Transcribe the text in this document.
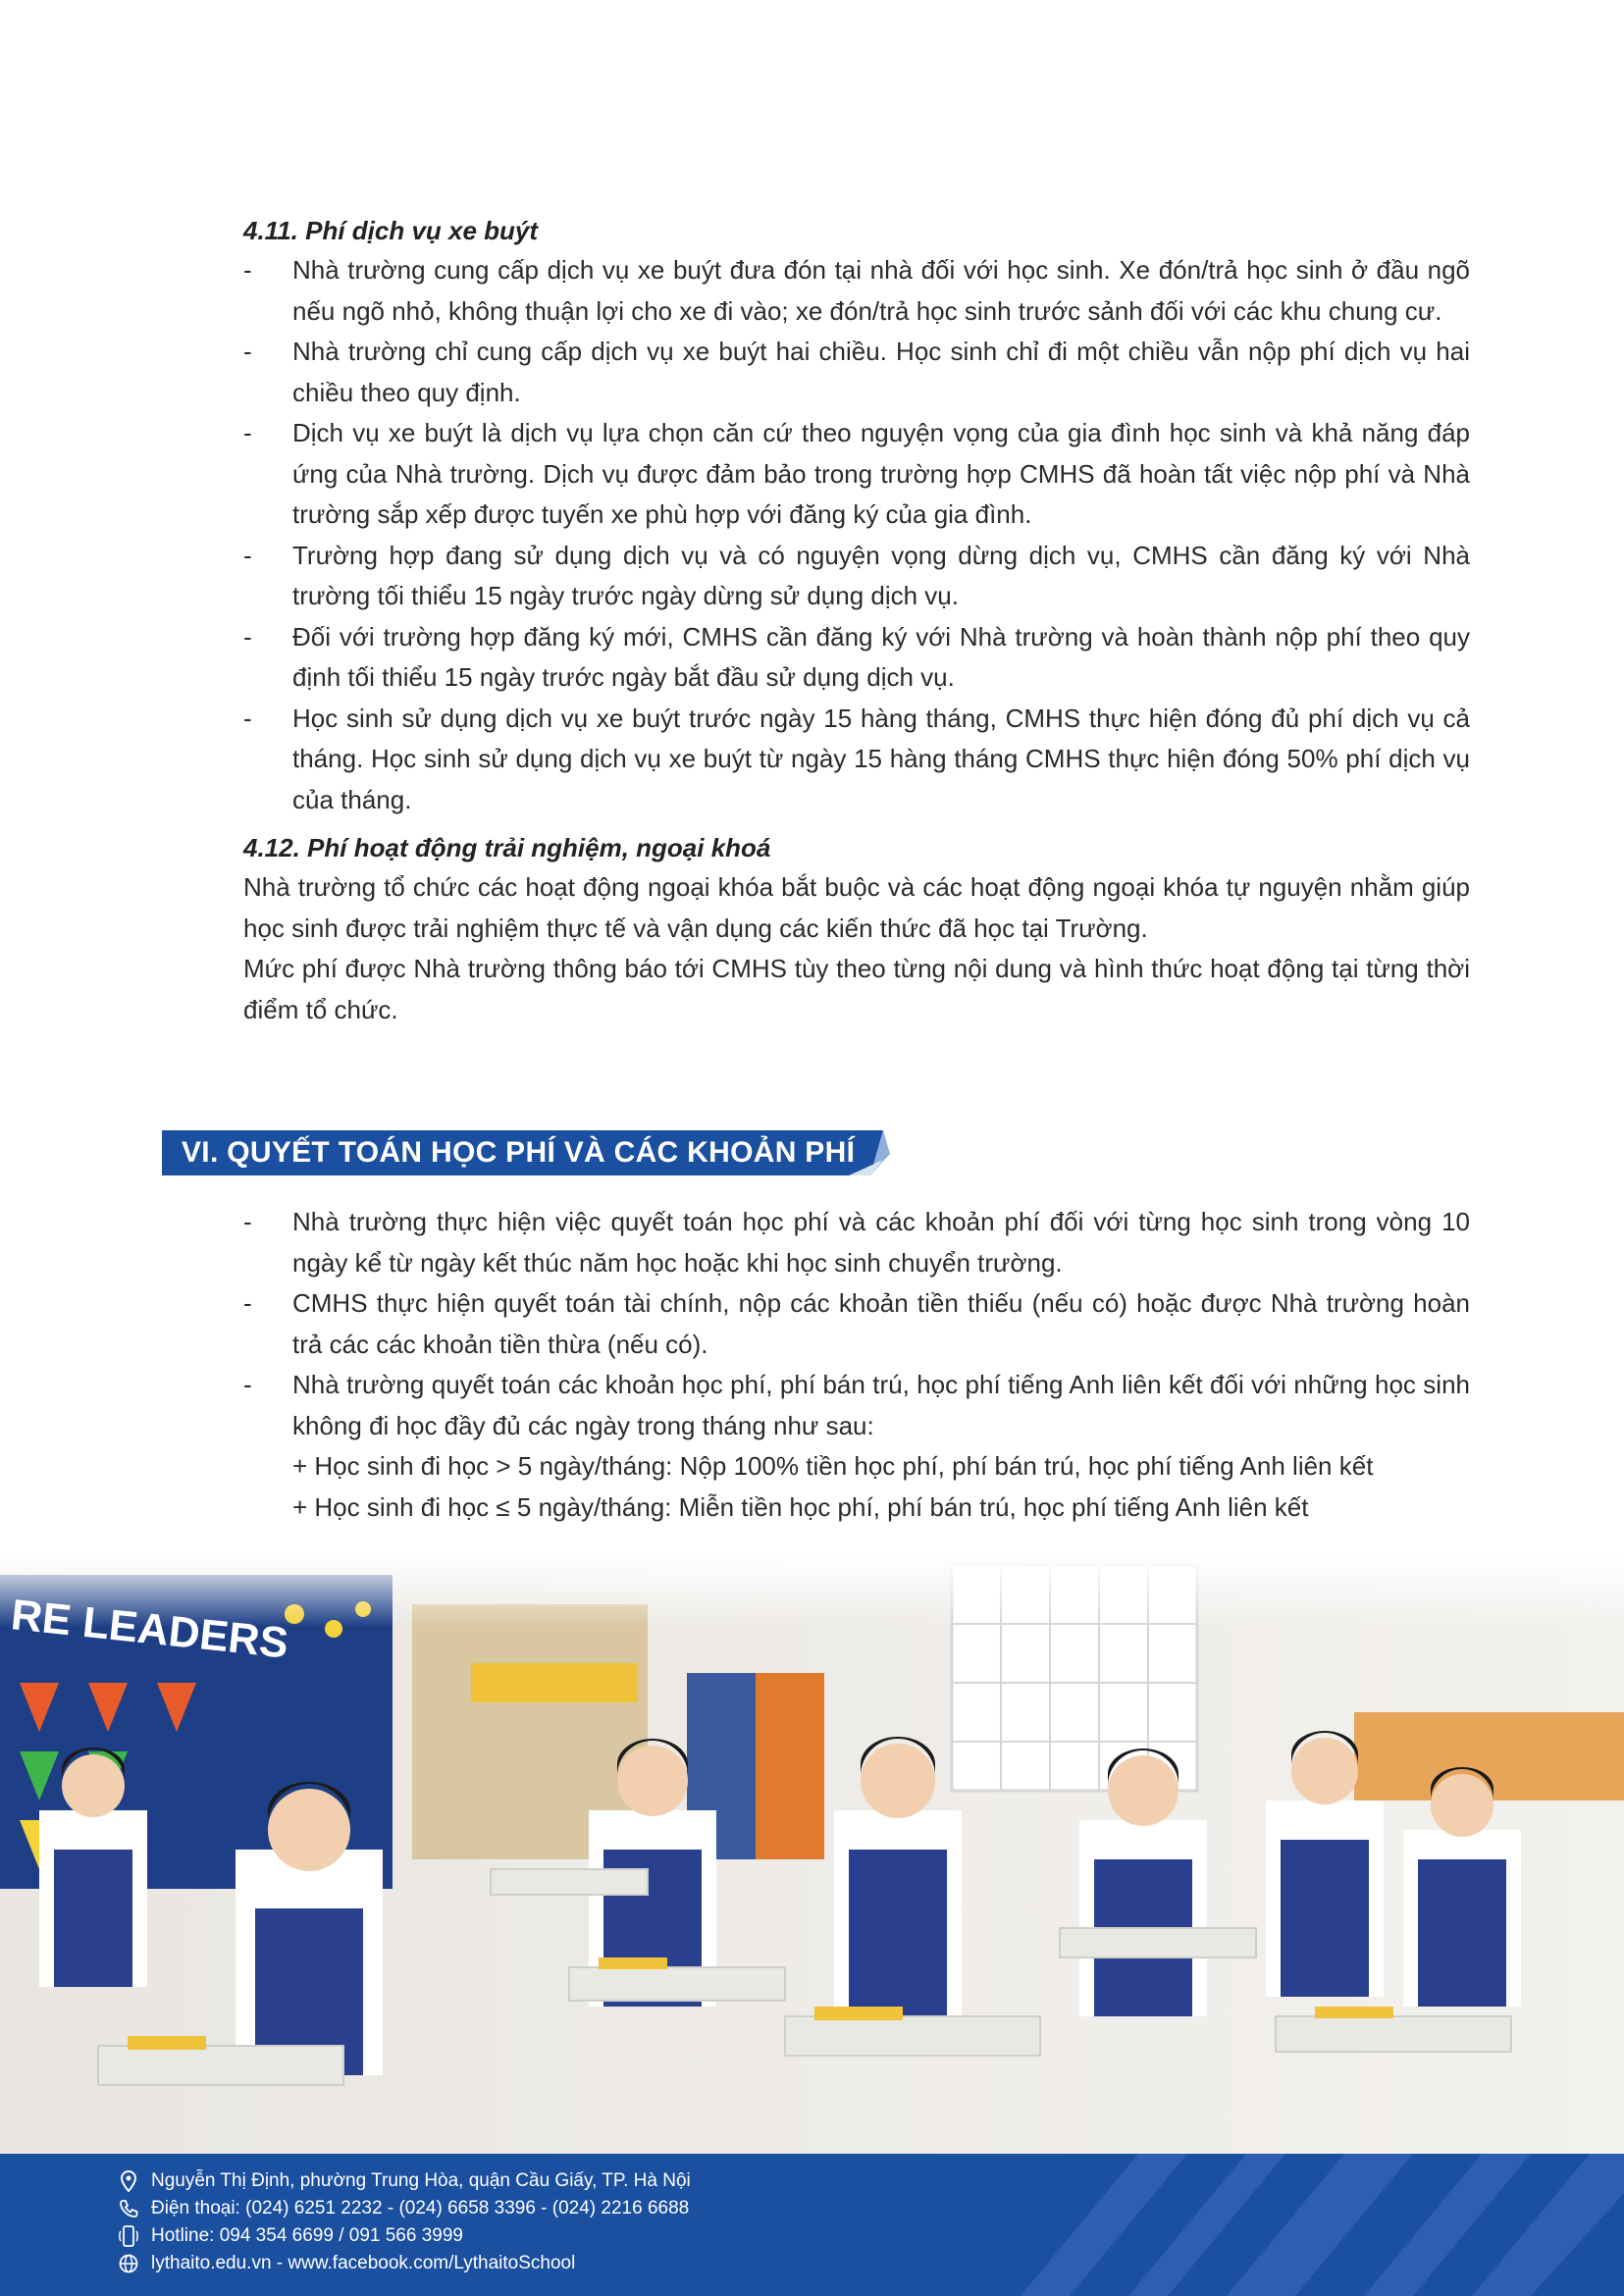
4.11. Phí dịch vụ xe buýt

-	Nhà trường cung cấp dịch vụ xe buýt đưa đón tại nhà đối với học sinh. Xe đón/trả học sinh ở đầu ngõ nếu ngõ nhỏ, không thuận lợi cho xe đi vào; xe đón/trả học sinh trước sảnh đối với các khu chung cư.
-	Nhà trường chỉ cung cấp dịch vụ xe buýt hai chiều. Học sinh chỉ đi một chiều vẫn nộp phí dịch vụ hai chiều theo quy định.
-	Dịch vụ xe buýt là dịch vụ lựa chọn căn cứ theo nguyện vọng của gia đình học sinh và khả năng đáp ứng của Nhà trường. Dịch vụ được đảm bảo trong trường hợp CMHS đã hoàn tất việc nộp phí và Nhà trường sắp xếp được tuyến xe phù hợp với đăng ký của gia đình.
-	Trường hợp đang sử dụng dịch vụ và có nguyện vọng dừng dịch vụ, CMHS cần đăng ký với Nhà trường tối thiểu 15 ngày trước ngày dừng sử dụng dịch vụ.
-	Đối với trường hợp đăng ký mới, CMHS cần đăng ký với Nhà trường và hoàn thành nộp phí theo quy định tối thiểu 15 ngày trước ngày bắt đầu sử dụng dịch vụ.
-	Học sinh sử dụng dịch vụ xe buýt trước ngày 15 hàng tháng, CMHS thực hiện đóng đủ phí dịch vụ cả tháng. Học sinh sử dụng dịch vụ xe buýt từ ngày 15 hàng tháng CMHS thực hiện đóng 50% phí dịch vụ của tháng.

4.12. Phí hoạt động trải nghiệm, ngoại khoá

Nhà trường tổ chức các hoạt động ngoại khóa bắt buộc và các hoạt động ngoại khóa tự nguyện nhằm giúp học sinh được trải nghiệm thực tế và vận dụng các kiến thức đã học tại Trường.

Mức phí được Nhà trường thông báo tới CMHS tùy theo từng nội dung và hình thức hoạt động tại từng thời điểm tổ chức.

VI. QUYẾT TOÁN HỌC PHÍ VÀ CÁC KHOẢN PHÍ
-	Nhà trường thực hiện việc quyết toán học phí và các khoản phí đối với từng học sinh trong vòng 10 ngày kể từ ngày kết thúc năm học hoặc khi học sinh chuyển trường.
-	CMHS thực hiện quyết toán tài chính, nộp các khoản tiền thiếu (nếu có) hoặc được Nhà trường hoàn trả các các khoản tiền thừa (nếu có).
-	Nhà trường quyết toán các khoản học phí, phí bán trú, học phí tiếng Anh liên kết đối với những học sinh không đi học đầy đủ các ngày trong tháng như sau:
+ Học sinh đi học > 5 ngày/tháng: Nộp 100% tiền học phí, phí bán trú, học phí tiếng Anh liên kết
+ Học sinh đi học ≤ 5 ngày/tháng: Miễn tiền học phí, phí bán trú, học phí tiếng Anh liên kết
Nguyễn Thị Định, phường Trung Hòa, quận Cầu Giấy, TP. Hà Nội
Điện thoại: (024) 6251 2232 - (024) 6658 3396 - (024) 2216 6688
Hotline: 094 354 6699 / 091 566 3999
lythaito.edu.vn - www.facebook.com/LythaitoSchool
